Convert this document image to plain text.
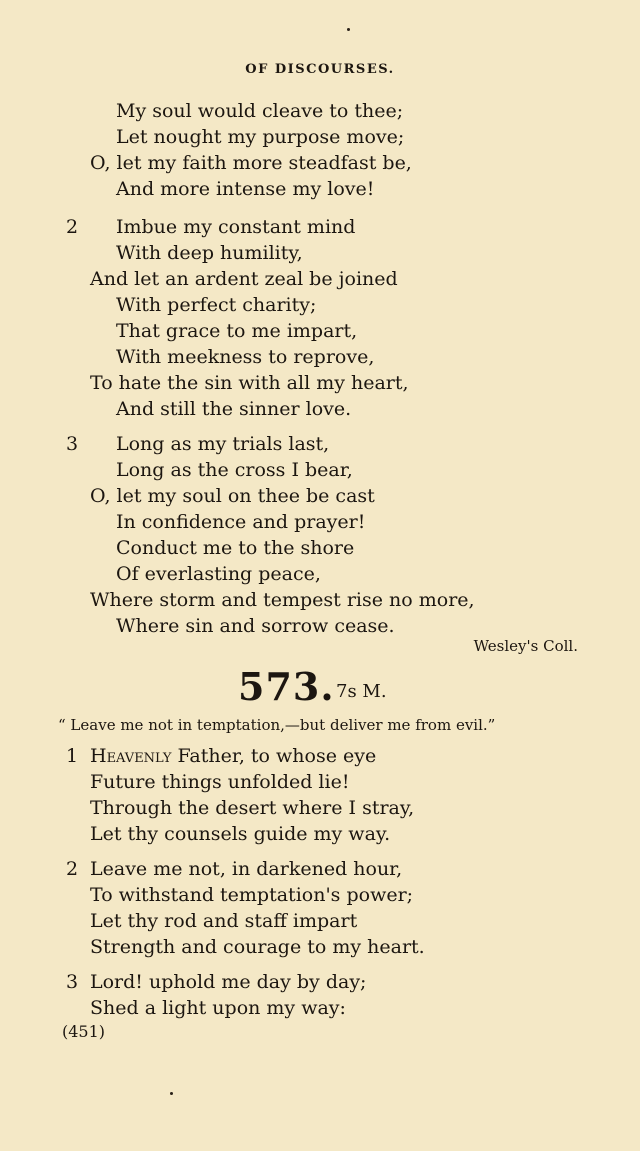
OF DISCOURSES.
My soul would cleave to thee;
Let nought my purpose move;
O, let my faith more steadfast be,
And more intense my love!
2 Imbue my constant mind
With deep humility,
And let an ardent zeal be joined
With perfect charity;
That grace to me impart,
With meekness to reprove,
To hate the sin with all my heart,
And still the sinner love.
3 Long as my trials last,
Long as the cross I bear,
O, let my soul on thee be cast
In confidence and prayer!
Conduct me to the shore
Of everlasting peace,
Where storm and tempest rise no more,
Where sin and sorrow cease.
Wesley's Coll.
573. 7s M.
“ Leave me not in temptation,—but deliver me from evil.”
1 Heavenly Father, to whose eye
Future things unfolded lie!
Through the desert where I stray,
Let thy counsels guide my way.
2 Leave me not, in darkened hour,
To withstand temptation's power;
Let thy rod and staff impart
Strength and courage to my heart.
3 Lord! uphold me day by day;
Shed a light upon my way:
(451)
